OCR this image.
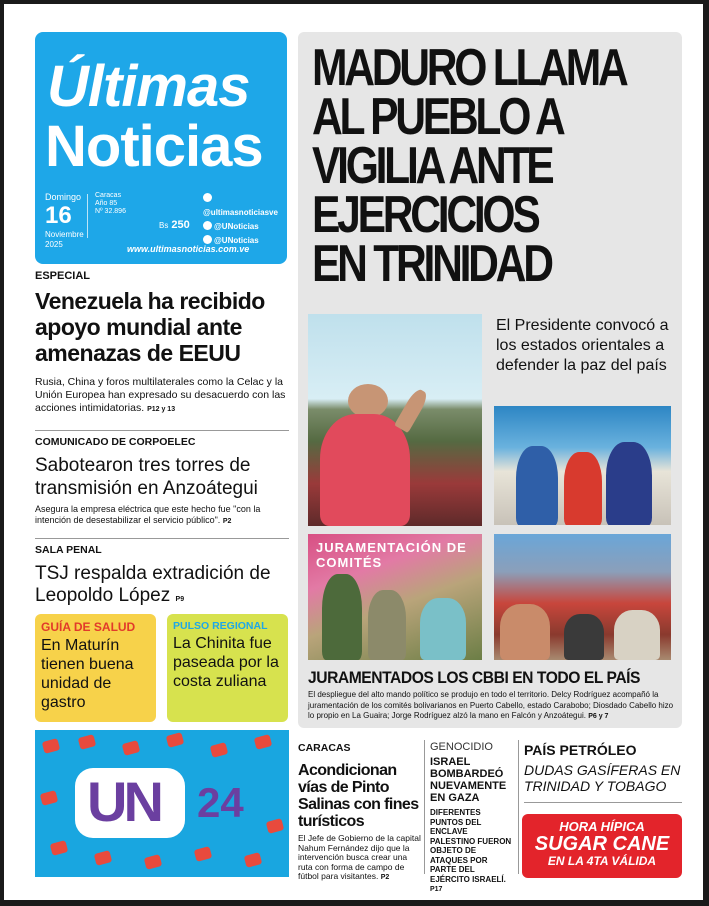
Últimas
Noticias
Domingo
16
Noviembre
2025
Caracas
Año 85
Nº 32.896
Bs 250
@ultimasnoticiasve
@UNoticias
@UNoticias
www.ultimasnoticias.com.ve
ESPECIAL
Venezuela ha recibido apoyo mundial ante amenazas de EEUU
Rusia, China y foros multilaterales como la Celac y la Unión Europea han expresado su desacuerdo con las acciones intimidatorias. P12 y 13
COMUNICADO DE CORPOELEC
Sabotearon tres torres de transmisión en Anzoátegui
Asegura la empresa eléctrica que este hecho fue "con la intención de desestabilizar el servicio público". P2
SALA PENAL
TSJ respalda extradición de Leopoldo López P9
GUÍA DE SALUD
En Maturín tienen buena unidad de gastro
PULSO REGIONAL
La Chinita fue paseada por la costa zuliana
UN 24
MADURO LLAMA
AL PUEBLO A
VIGILIA ANTE
EJERCICIOS
EN TRINIDAD
El Presidente convocó a los estados orientales a defender la paz del país
JURAMENTACIÓN DE COMITÉS
JURAMENTADOS LOS CBBI EN TODO EL PAÍS
El despliegue del alto mando político se produjo en todo el territorio. Delcy Rodríguez acompañó la juramentación de los comités bolivarianos en Puerto Cabello, estado Carabobo; Diosdado Cabello hizo lo propio en La Guaira; Jorge Rodríguez alzó la mano en Falcón y Anzoátegui. P6 y 7
CARACAS
Acondicionan vías de Pinto Salinas con fines turísticos
El Jefe de Gobierno de la capital Nahum Fernández dijo que la intervención busca crear una ruta con forma de campo de fútbol para visitantes. P2
GENOCIDIO
ISRAEL BOMBARDEÓ NUEVAMENTE EN GAZA
DIFERENTES PUNTOS DEL ENCLAVE PALESTINO FUERON OBJETO DE ATAQUES POR PARTE DEL EJÉRCITO ISRAELÍ. P17
PAÍS PETRÓLEO
DUDAS GASÍFERAS EN TRINIDAD Y TOBAGO
HORA HÍPICA
SUGAR CANE
EN LA 4TA VÁLIDA
